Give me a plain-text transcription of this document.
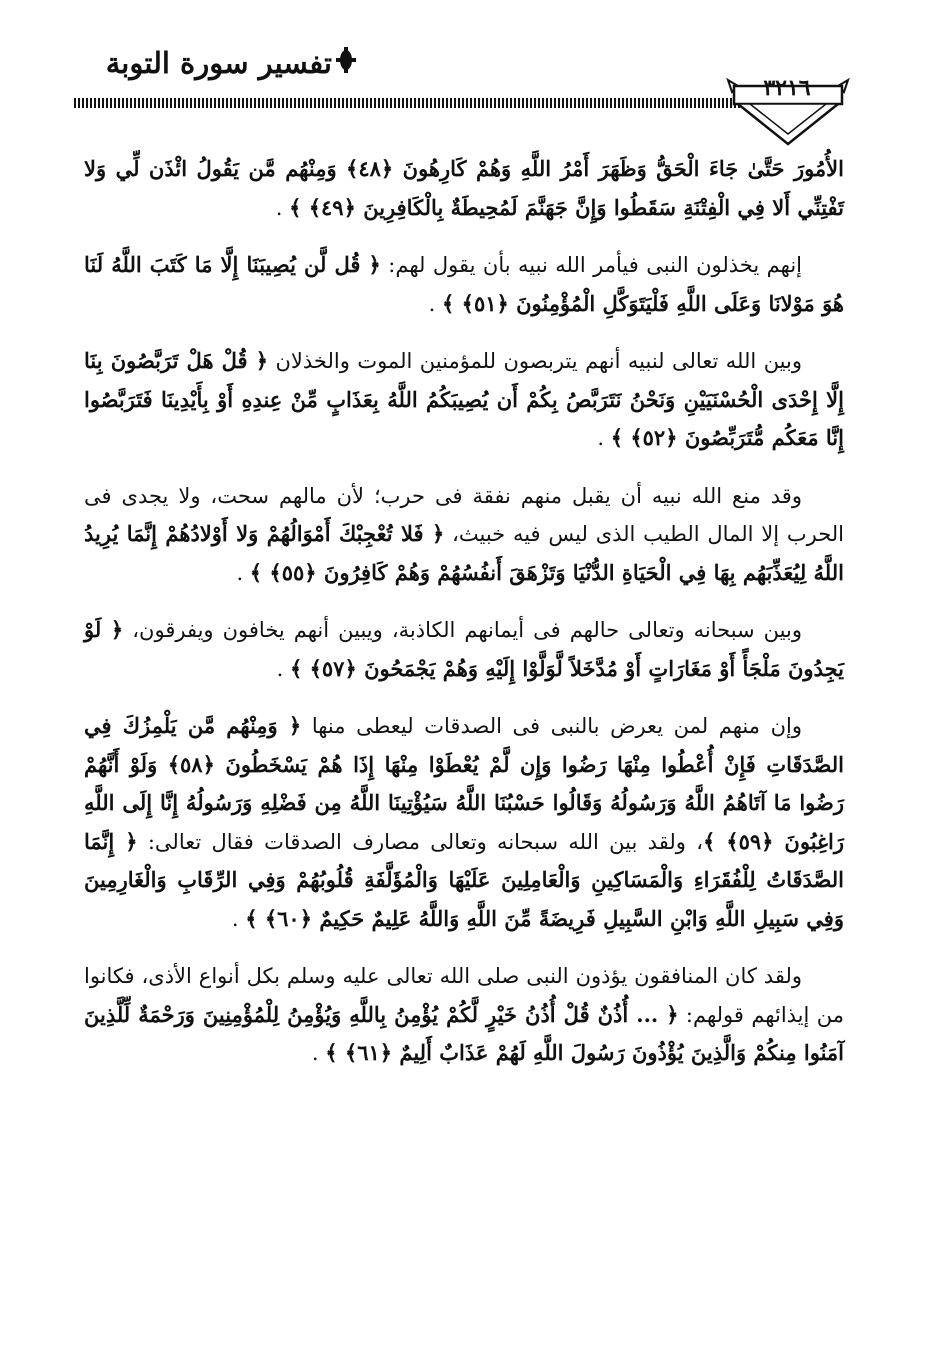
تفسير سورة التوبة
٣٢١٦

الأُمُورَ حَتَّىٰ جَاءَ الْحَقُّ وَظَهَرَ أَمْرُ اللَّهِ وَهُمْ كَارِهُونَ ﴿٤٨﴾ وَمِنْهُم مَّن يَقُولُ ائْذَن لِّي وَلا تَفْتِنِّي أَلا فِي الْفِتْنَةِ سَقَطُوا وَإِنَّ جَهَنَّمَ لَمُحِيطَةٌ بِالْكَافِرِينَ ﴿٤٩﴾ ﴾ .

إنهم يخذلون النبى فيأمر الله نبيه بأن يقول لهم: ﴿ قُل لَّن يُصِيبَنَا إِلَّا مَا كَتَبَ اللَّهُ لَنَا هُوَ مَوْلانَا وَعَلَى اللَّهِ فَلْيَتَوَكَّلِ الْمُؤْمِنُونَ ﴿٥١﴾ ﴾ .

وبين الله تعالى لنبيه أنهم يتربصون للمؤمنين الموت والخذلان ﴿ قُلْ هَلْ تَرَبَّصُونَ بِنَا إِلَّا إِحْدَى الْحُسْنَيَيْنِ وَنَحْنُ نَتَرَبَّصُ بِكُمْ أَن يُصِيبَكُمُ اللَّهُ بِعَذَابٍ مِّنْ عِندِهِ أَوْ بِأَيْدِينَا فَتَرَبَّصُوا إِنَّا مَعَكُم مُّتَرَبِّصُونَ ﴿٥٢﴾ ﴾ .

وقد منع الله نبيه أن يقبل منهم نفقة فى حرب؛ لأن مالهم سحت، ولا يجدى فى الحرب إلا المال الطيب الذى ليس فيه خبيث، ﴿ فَلا تُعْجِبْكَ أَمْوَالُهُمْ وَلا أَوْلادُهُمْ إِنَّمَا يُرِيدُ اللَّهُ لِيُعَذِّبَهُم بِهَا فِي الْحَيَاةِ الدُّنْيَا وَتَزْهَقَ أَنفُسُهُمْ وَهُمْ كَافِرُونَ ﴿٥٥﴾ ﴾ .

وبين سبحانه وتعالى حالهم فى أيمانهم الكاذبة، ويبين أنهم يخافون ويفرقون، ﴿ لَوْ يَجِدُونَ مَلْجَأً أَوْ مَغَارَاتٍ أَوْ مُدَّخَلاً لَّوَلَّوْا إِلَيْهِ وَهُمْ يَجْمَحُونَ ﴿٥٧﴾ ﴾ .

وإن منهم لمن يعرض بالنبى فى الصدقات ليعطى منها ﴿ وَمِنْهُم مَّن يَلْمِزُكَ فِي الصَّدَقَاتِ فَإِنْ أُعْطُوا مِنْهَا رَضُوا وَإِن لَّمْ يُعْطَوْا مِنْهَا إِذَا هُمْ يَسْخَطُونَ ﴿٥٨﴾ وَلَوْ أَنَّهُمْ رَضُوا مَا آتَاهُمُ اللَّهُ وَرَسُولُهُ وَقَالُوا حَسْبُنَا اللَّهُ سَيُؤْتِينَا اللَّهُ مِن فَضْلِهِ وَرَسُولُهُ إِنَّا إِلَى اللَّهِ رَاغِبُونَ ﴿٥٩﴾ ﴾، ولقد بين الله سبحانه وتعالى مصارف الصدقات فقال تعالى: ﴿ إِنَّمَا الصَّدَقَاتُ لِلْفُقَرَاءِ وَالْمَسَاكِينِ وَالْعَامِلِينَ عَلَيْهَا وَالْمُؤَلَّفَةِ قُلُوبُهُمْ وَفِي الرِّقَابِ وَالْغَارِمِينَ وَفِي سَبِيلِ اللَّهِ وَابْنِ السَّبِيلِ فَرِيضَةً مِّنَ اللَّهِ وَاللَّهُ عَلِيمٌ حَكِيمٌ ﴿٦٠﴾ ﴾ .

ولقد كان المنافقون يؤذون النبى صلى الله تعالى عليه وسلم بكل أنواع الأذى، فكانوا من إيذائهم قولهم: ﴿ ... أُذُنٌ قُلْ أُذُنُ خَيْرٍ لَّكُمْ يُؤْمِنُ بِاللَّهِ وَيُؤْمِنُ لِلْمُؤْمِنِينَ وَرَحْمَةٌ لِّلَّذِينَ آمَنُوا مِنكُمْ وَالَّذِينَ يُؤْذُونَ رَسُولَ اللَّهِ لَهُمْ عَذَابٌ أَلِيمٌ ﴿٦١﴾ ﴾ .
